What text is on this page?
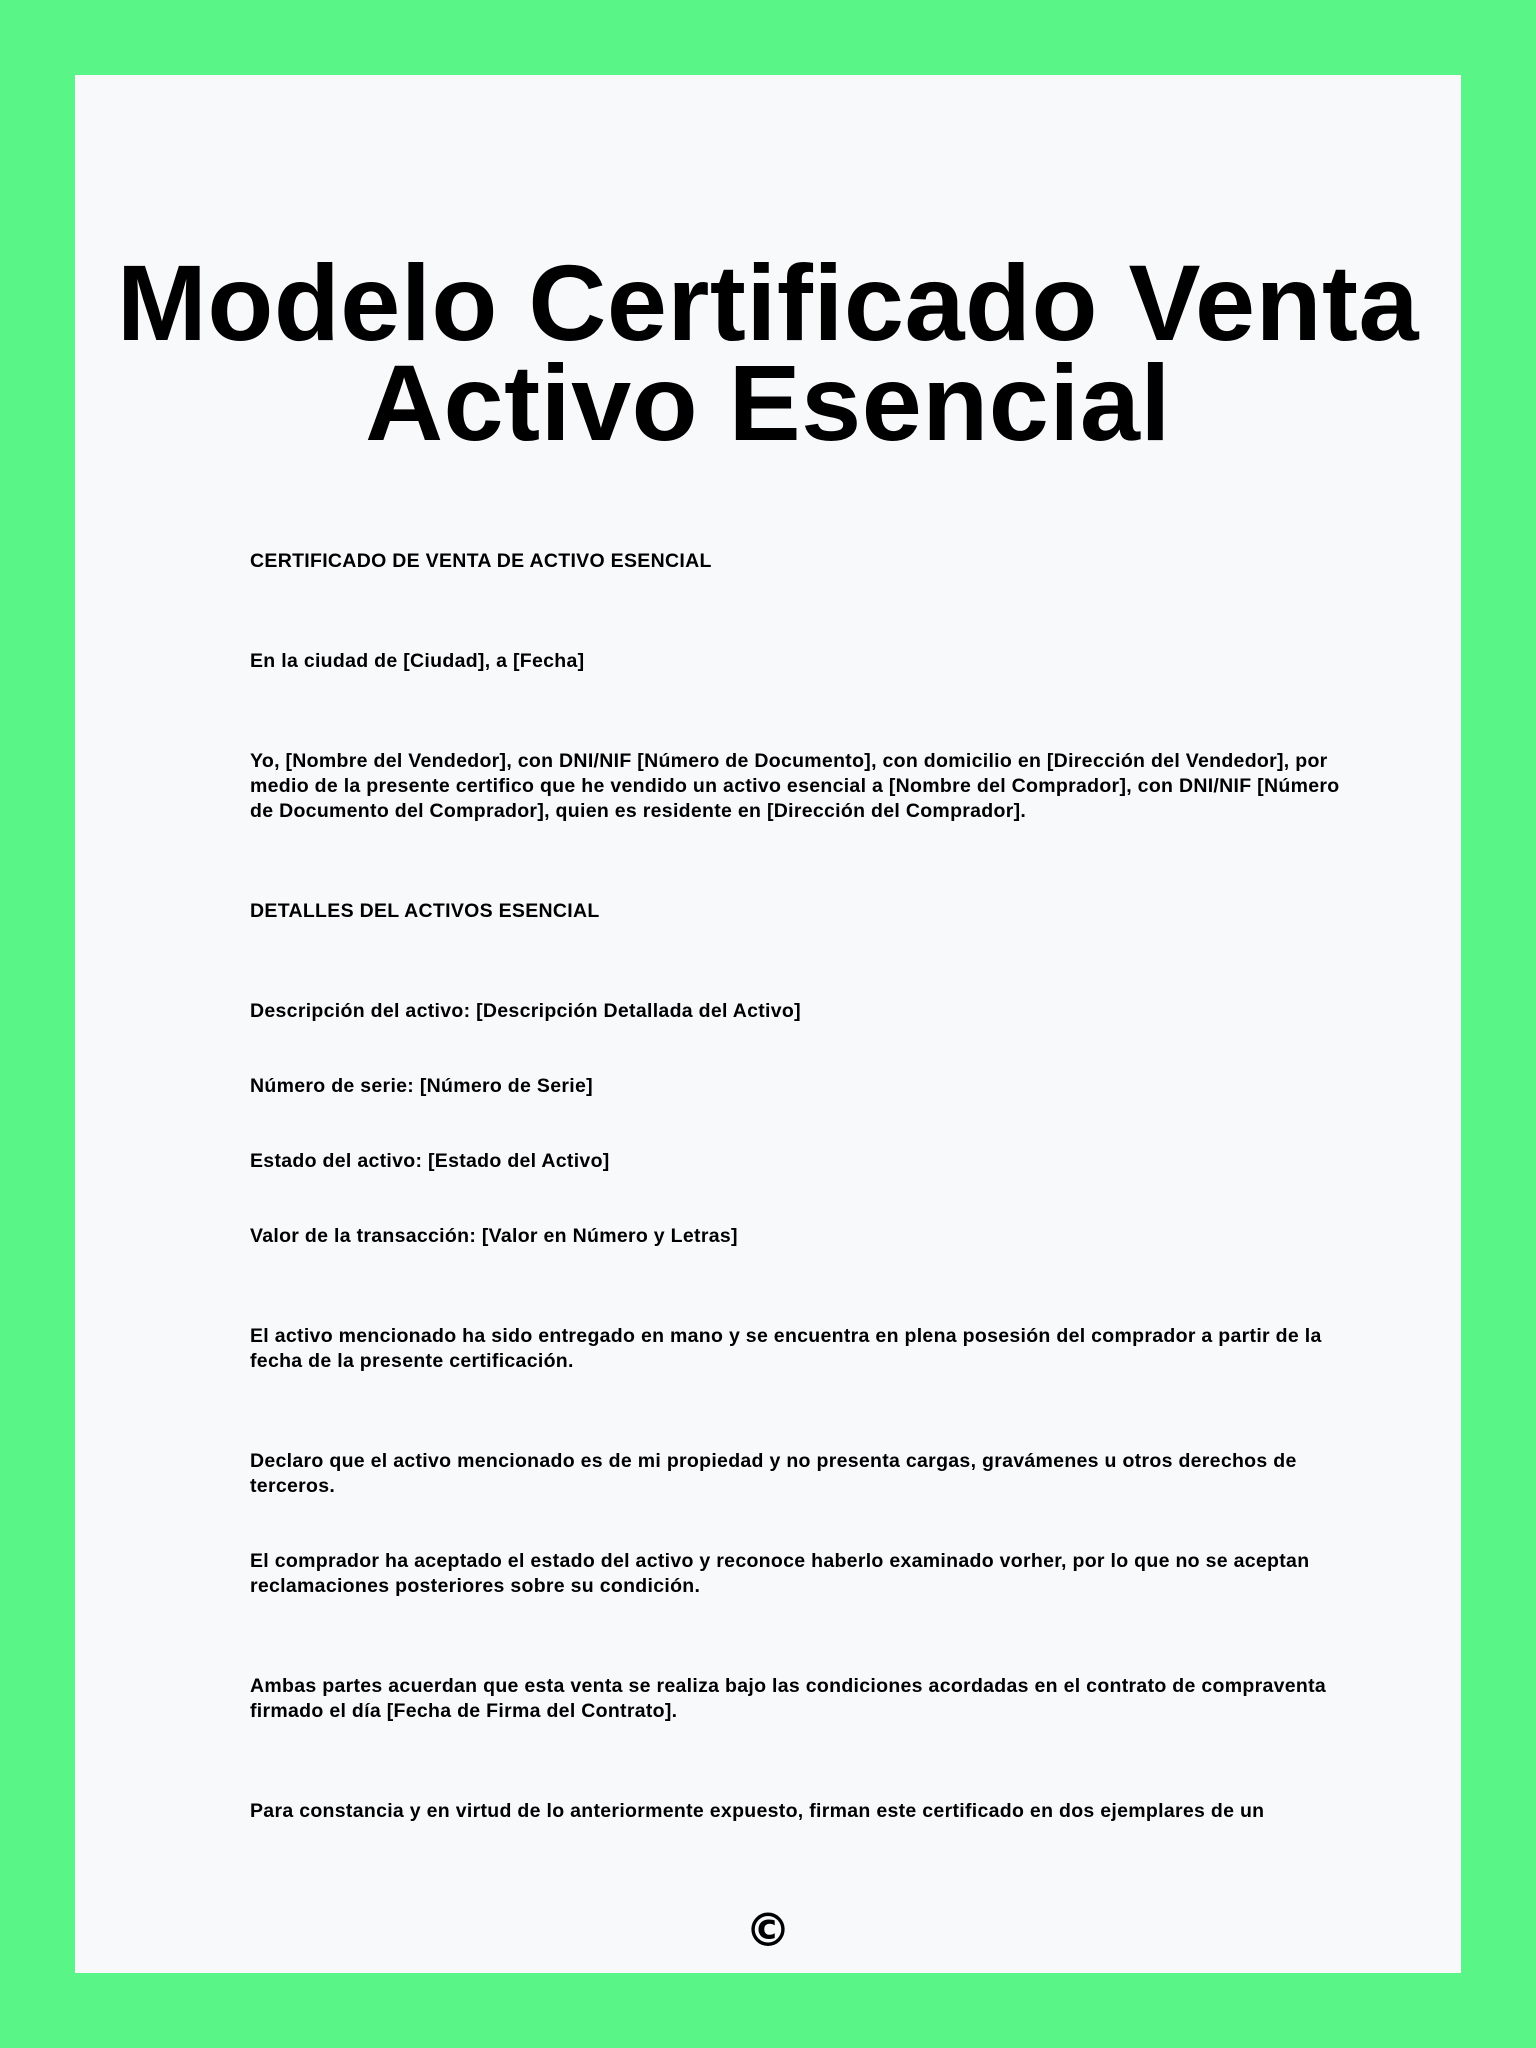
Modelo Certificado Venta
Activo Esencial

CERTIFICADO DE VENTA DE ACTIVO ESENCIAL

En la ciudad de [Ciudad], a [Fecha]

Yo, [Nombre del Vendedor], con DNI/NIF [Número de Documento], con domicilio en [Dirección del Vendedor], por medio de la presente certifico que he vendido un activo esencial a [Nombre del Comprador], con DNI/NIF [Número de Documento del Comprador], quien es residente en [Dirección del Comprador].

DETALLES DEL ACTIVOS ESENCIAL

Descripción del activo: [Descripción Detallada del Activo]

Número de serie: [Número de Serie]

Estado del activo: [Estado del Activo]

Valor de la transacción: [Valor en Número y Letras]

El activo mencionado ha sido entregado en mano y se encuentra en plena posesión del comprador a partir de la fecha de la presente certificación.

Declaro que el activo mencionado es de mi propiedad y no presenta cargas, gravámenes u otros derechos de terceros.

El comprador ha aceptado el estado del activo y reconoce haberlo examinado vorher, por lo que no se aceptan reclamaciones posteriores sobre su condición.

Ambas partes acuerdan que esta venta se realiza bajo las condiciones acordadas en el contrato de compraventa firmado el día [Fecha de Firma del Contrato].

Para constancia y en virtud de lo anteriormente expuesto, firman este certificado en dos ejemplares de un

©
